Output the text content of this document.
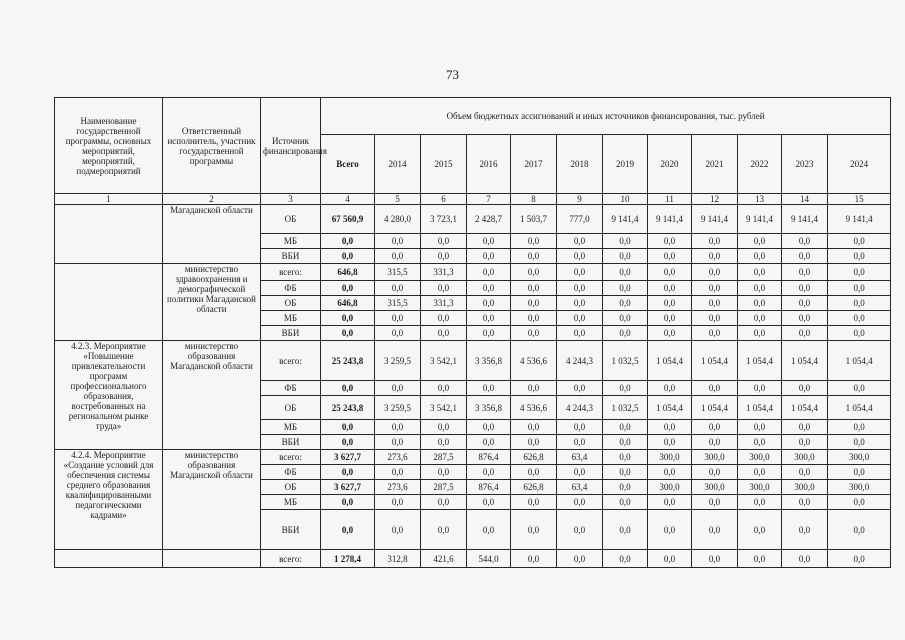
73
Наименование государственной программы, основных мероприятий, мероприятий, подмероприятий	Ответственный исполнитель, участник государственной программы	Источник финансирования	Объем бюджетных ассигнований и иных источников финансирования, тыс. рублей											
			Всего	2014	2015	2016	2017	2018	2019	2020	2021	2022	2023	2024
1	2	3	4	5	6	7	8	9	10	11	12	13	14	15
	Магаданской области	ОБ	67 560,9	4 280,0	3 723,1	2 428,7	1 503,7	777,0	9 141,4	9 141,4	9 141,4	9 141,4	9 141,4	9 141,4
		МБ	0,0	0,0	0,0	0,0	0,0	0,0	0,0	0,0	0,0	0,0	0,0	0,0
		ВБИ	0,0	0,0	0,0	0,0	0,0	0,0	0,0	0,0	0,0	0,0	0,0	0,0
	министерство здравоохранения и демографической политики Магаданской области	всего:	646,8	315,5	331,3	0,0	0,0	0,0	0,0	0,0	0,0	0,0	0,0	0,0
		ФБ	0,0	0,0	0,0	0,0	0,0	0,0	0,0	0,0	0,0	0,0	0,0	0,0
		ОБ	646,8	315,5	331,3	0,0	0,0	0,0	0,0	0,0	0,0	0,0	0,0	0,0
		МБ	0,0	0,0	0,0	0,0	0,0	0,0	0,0	0,0	0,0	0,0	0,0	0,0
		ВБИ	0,0	0,0	0,0	0,0	0,0	0,0	0,0	0,0	0,0	0,0	0,0	0,0
4.2.3. Мероприятие «Повышение привлекательности программ профессионального образования, востребованных на региональном рынке труда»	министерство образования Магаданской области	всего:	25 243,8	3 259,5	3 542,1	3 356,8	4 536,6	4 244,3	1 032,5	1 054,4	1 054,4	1 054,4	1 054,4	1 054,4
		ФБ	0,0	0,0	0,0	0,0	0,0	0,0	0,0	0,0	0,0	0,0	0,0	0,0
		ОБ	25 243,8	3 259,5	3 542,1	3 356,8	4 536,6	4 244,3	1 032,5	1 054,4	1 054,4	1 054,4	1 054,4	1 054,4
		МБ	0,0	0,0	0,0	0,0	0,0	0,0	0,0	0,0	0,0	0,0	0,0	0,0
		ВБИ	0,0	0,0	0,0	0,0	0,0	0,0	0,0	0,0	0,0	0,0	0,0	0,0
4.2.4. Мероприятие «Создание условий для обеспечения системы среднего образования квалифицированными педагогическими кадрами»	министерство образования Магаданской области	всего:	3 627,7	273,6	287,5	876,4	626,8	63,4	0,0	300,0	300,0	300,0	300,0	300,0
		ФБ	0,0	0,0	0,0	0,0	0,0	0,0	0,0	0,0	0,0	0,0	0,0	0,0
		ОБ	3 627,7	273,6	287,5	876,4	626,8	63,4	0,0	300,0	300,0	300,0	300,0	300,0
		МБ	0,0	0,0	0,0	0,0	0,0	0,0	0,0	0,0	0,0	0,0	0,0	0,0
		ВБИ	0,0	0,0	0,0	0,0	0,0	0,0	0,0	0,0	0,0	0,0	0,0	0,0
		всего:	1 278,4	312,8	421,6	544,0	0,0	0,0	0,0	0,0	0,0	0,0	0,0	0,0
